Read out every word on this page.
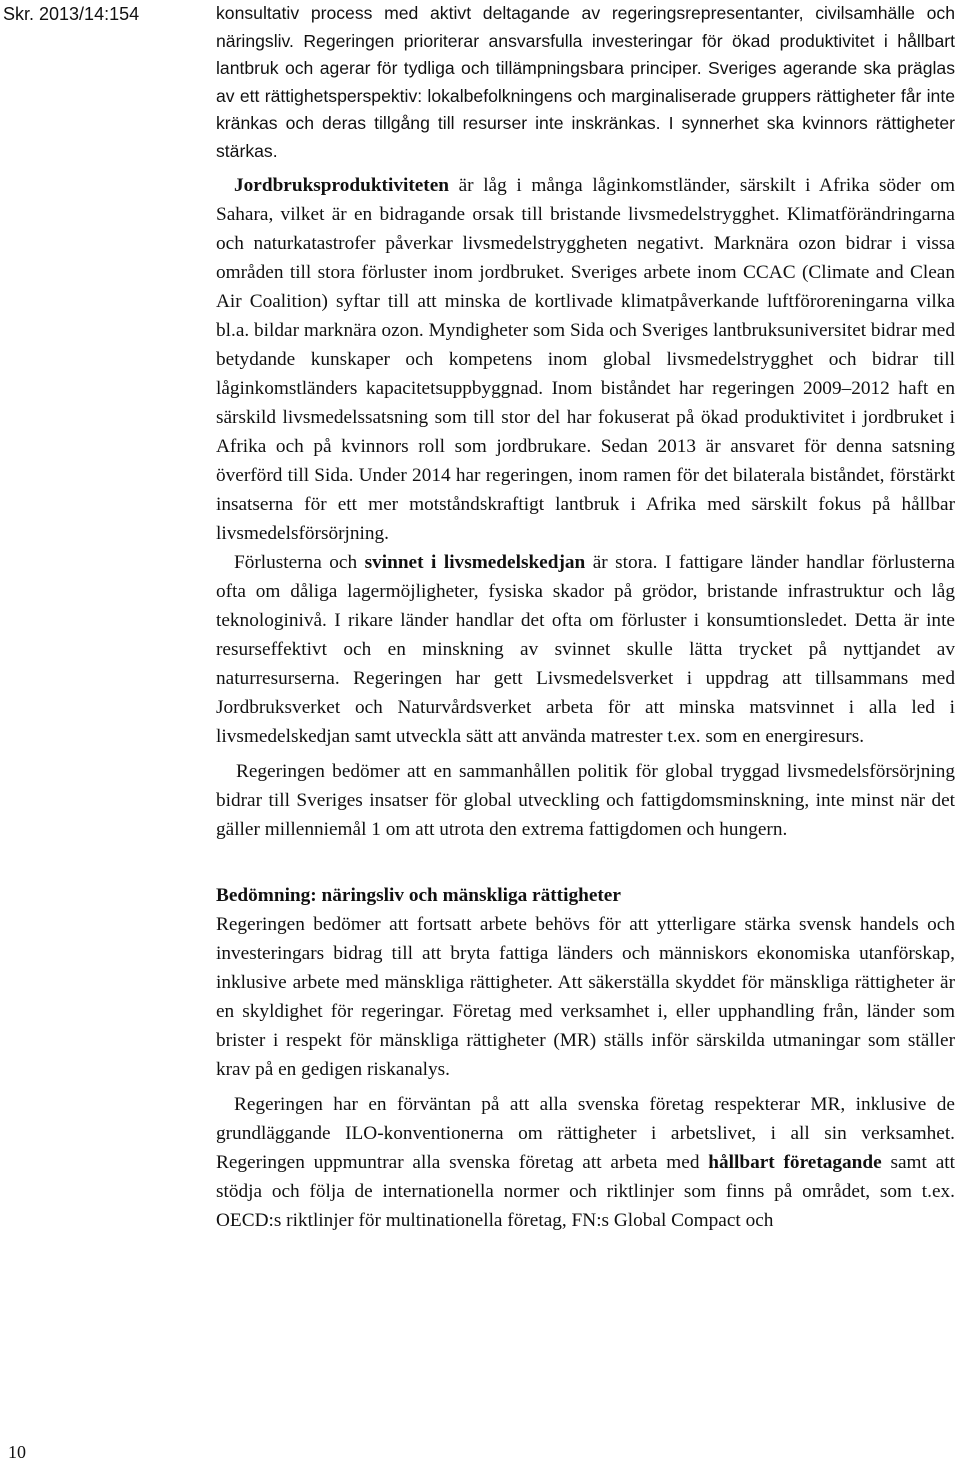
Skr. 2013/14:154
10

konsultativ process med aktivt deltagande av regeringsrepresentanter, civilsamhälle och näringsliv. Regeringen prioriterar ansvarsfulla investeringar för ökad produktivitet i hållbart lantbruk och agerar för tydliga och tillämpningsbara principer. Sveriges agerande ska präglas av ett rättighetsperspektiv: lokalbefolkningens och marginaliserade gruppers rättigheter får inte kränkas och deras tillgång till resurser inte inskränkas. I synnerhet ska kvinnors rättigheter stärkas.

Jordbruksproduktiviteten är låg i många låginkomstländer, särskilt i Afrika söder om Sahara, vilket är en bidragande orsak till bristande livsmedelstrygghet. Klimatförändringarna och naturkatastrofer påverkar livsmedelstryggheten negativt. Marknära ozon bidrar i vissa områden till stora förluster inom jordbruket. Sveriges arbete inom CCAC (Climate and Clean Air Coalition) syftar till att minska de kortlivade klimatpåverkande luftföroreningarna vilka bl.a. bildar marknära ozon. Myndigheter som Sida och Sveriges lantbruksuniversitet bidrar med betydande kunskaper och kompetens inom global livsmedelstrygghet och bidrar till låginkomstländers kapacitetsuppbyggnad. Inom biståndet har regeringen 2009–2012 haft en särskild livsmedelssatsning som till stor del har fokuserat på ökad produktivitet i jordbruket i Afrika och på kvinnors roll som jordbrukare. Sedan 2013 är ansvaret för denna satsning överförd till Sida. Under 2014 har regeringen, inom ramen för det bilaterala biståndet, förstärkt insatserna för ett mer motståndskraftigt lantbruk i Afrika med särskilt fokus på hållbar livsmedelsförsörjning.

Förlusterna och svinnet i livsmedelskedjan är stora. I fattigare länder handlar förlusterna ofta om dåliga lagermöjligheter, fysiska skador på grödor, bristande infrastruktur och låg teknologinivå. I rikare länder handlar det ofta om förluster i konsumtionsledet. Detta är inte resurseffektivt och en minskning av svinnet skulle lätta trycket på nyttjandet av naturresurserna. Regeringen har gett Livsmedelsverket i uppdrag att tillsammans med Jordbruksverket och Naturvårdsverket arbeta för att minska matsvinnet i alla led i livsmedelskedjan samt utveckla sätt att använda matrester t.ex. som en energiresurs.

Regeringen bedömer att en sammanhållen politik för global tryggad livsmedelsförsörjning bidrar till Sveriges insatser för global utveckling och fattigdomsminskning, inte minst när det gäller millenniemål 1 om att utrota den extrema fattigdomen och hungern.

Bedömning: näringsliv och mänskliga rättigheter

Regeringen bedömer att fortsatt arbete behövs för att ytterligare stärka svensk handels och investeringars bidrag till att bryta fattiga länders och människors ekonomiska utanförskap, inklusive arbete med mänskliga rättigheter. Att säkerställa skyddet för mänskliga rättigheter är en skyldighet för regeringar. Företag med verksamhet i, eller upphandling från, länder som brister i respekt för mänskliga rättigheter (MR) ställs inför särskilda utmaningar som ställer krav på en gedigen riskanalys.

Regeringen har en förväntan på att alla svenska företag respekterar MR, inklusive de grundläggande ILO-konventionerna om rättigheter i arbetslivet, i all sin verksamhet. Regeringen uppmuntrar alla svenska företag att arbeta med hållbart företagande samt att stödja och följa de internationella normer och riktlinjer som finns på området, som t.ex. OECD:s riktlinjer för multinationella företag, FN:s Global Compact och
